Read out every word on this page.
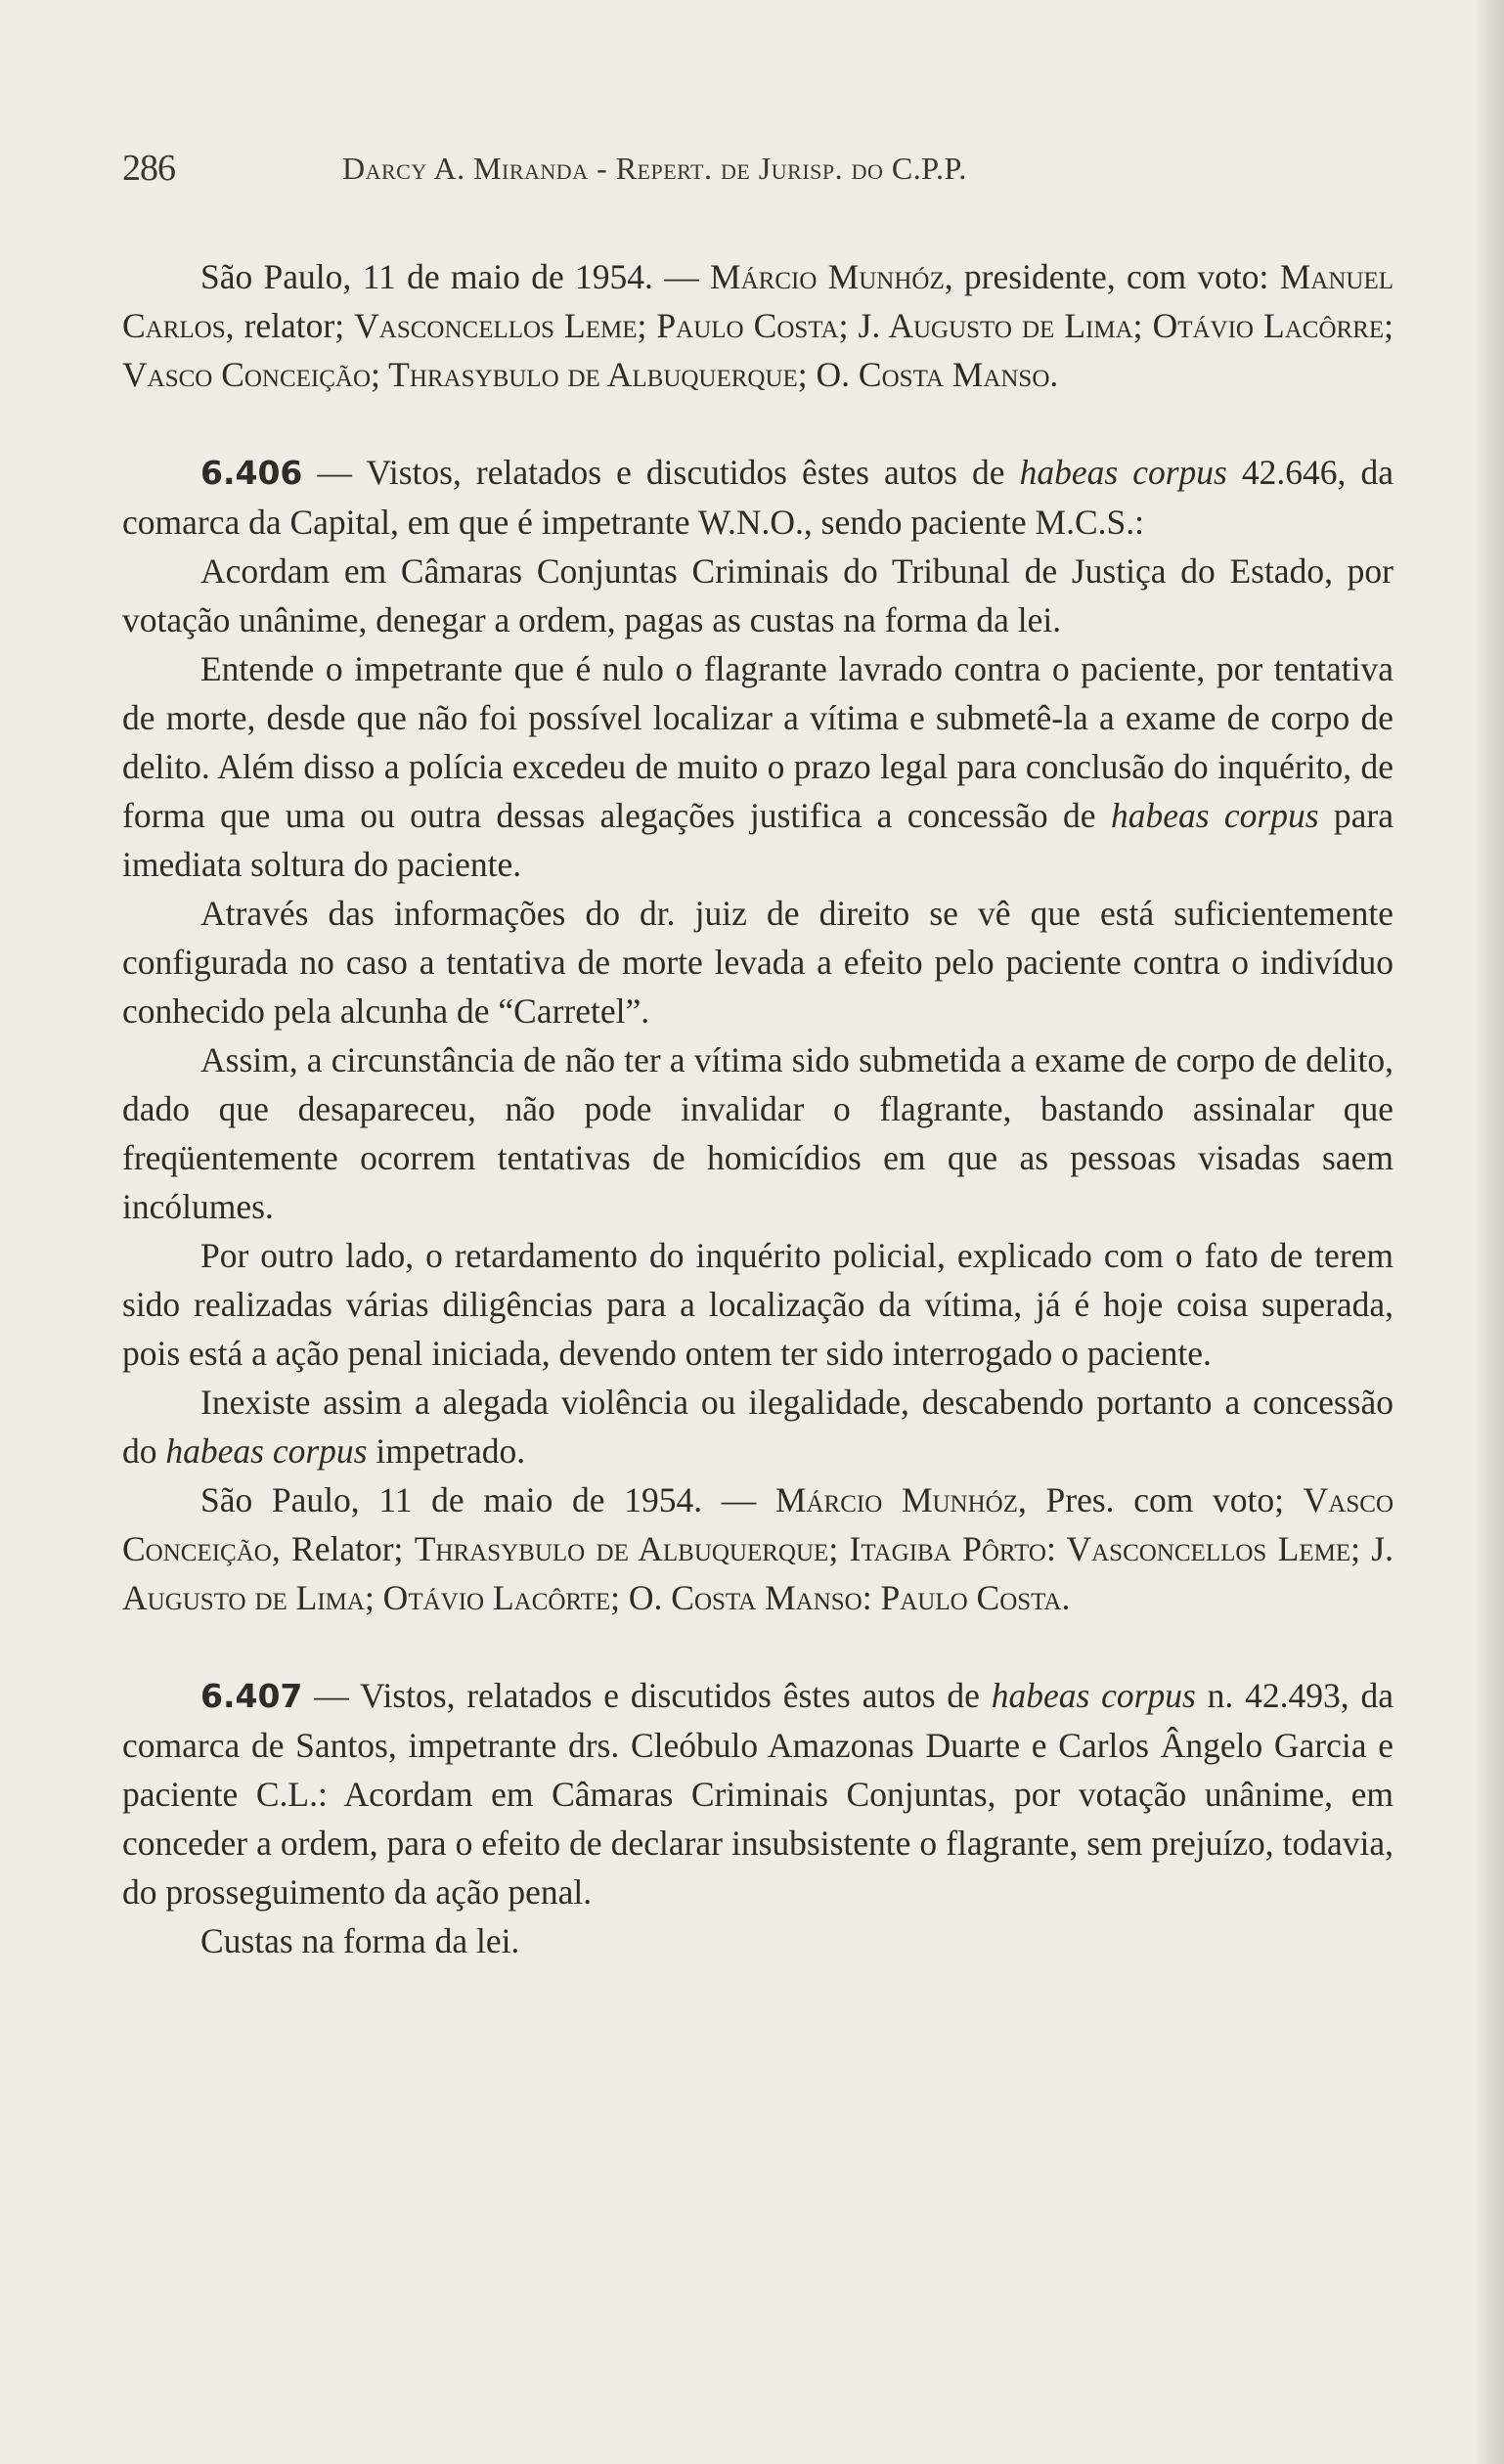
286	Darcy A. Miranda - Repert. de Jurisp. do C.P.P.

São Paulo, 11 de maio de 1954. — Márcio Munhóz, presidente, com voto: Manuel Carlos, relator; Vasconcellos Leme; Paulo Costa; J. Augusto de Lima; Otávio Lacôrre; Vasco Conceição; Thrasybulo de Albuquerque; O. Costa Manso.

6.406 — Vistos, relatados e discutidos êstes autos de habeas corpus 42.646, da comarca da Capital, em que é impetrante W.N.O., sendo paciente M.C.S.:

Acordam em Câmaras Conjuntas Criminais do Tribunal de Justiça do Estado, por votação unânime, denegar a ordem, pagas as custas na forma da lei.

Entende o impetrante que é nulo o flagrante lavrado contra o paciente, por tentativa de morte, desde que não foi possível localizar a vítima e submetê-la a exame de corpo de delito. Além disso a polícia excedeu de muito o prazo legal para conclusão do inquérito, de forma que uma ou outra dessas alegações justifica a concessão de habeas corpus para imediata soltura do paciente.

Através das informações do dr. juiz de direito se vê que está suficientemente configurada no caso a tentativa de morte levada a efeito pelo paciente contra o indivíduo conhecido pela alcunha de “Carretel”.

Assim, a circunstância de não ter a vítima sido submetida a exame de corpo de delito, dado que desapareceu, não pode invalidar o flagrante, bastando assinalar que freqüentemente ocorrem tentativas de homicídios em que as pessoas visadas saem incólumes.

Por outro lado, o retardamento do inquérito policial, explicado com o fato de terem sido realizadas várias diligências para a localização da vítima, já é hoje coisa superada, pois está a ação penal iniciada, devendo ontem ter sido interrogado o paciente.

Inexiste assim a alegada violência ou ilegalidade, descabendo portanto a concessão do habeas corpus impetrado.

São Paulo, 11 de maio de 1954. — Márcio Munhóz, Pres. com voto; Vasco Conceição, Relator; Thrasybulo de Albuquerque; Itagiba Pôrto: Vasconcellos Leme; J. Augusto de Lima; Otávio Lacôrte; O. Costa Manso: Paulo Costa.

6.407 — Vistos, relatados e discutidos êstes autos de habeas corpus n. 42.493, da comarca de Santos, impetrante drs. Cleóbulo Amazonas Duarte e Carlos Ângelo Garcia e paciente C.L.: Acordam em Câmaras Criminais Conjuntas, por votação unânime, em conceder a ordem, para o efeito de declarar insubsistente o flagrante, sem prejuízo, todavia, do prosseguimento da ação penal.

Custas na forma da lei.
